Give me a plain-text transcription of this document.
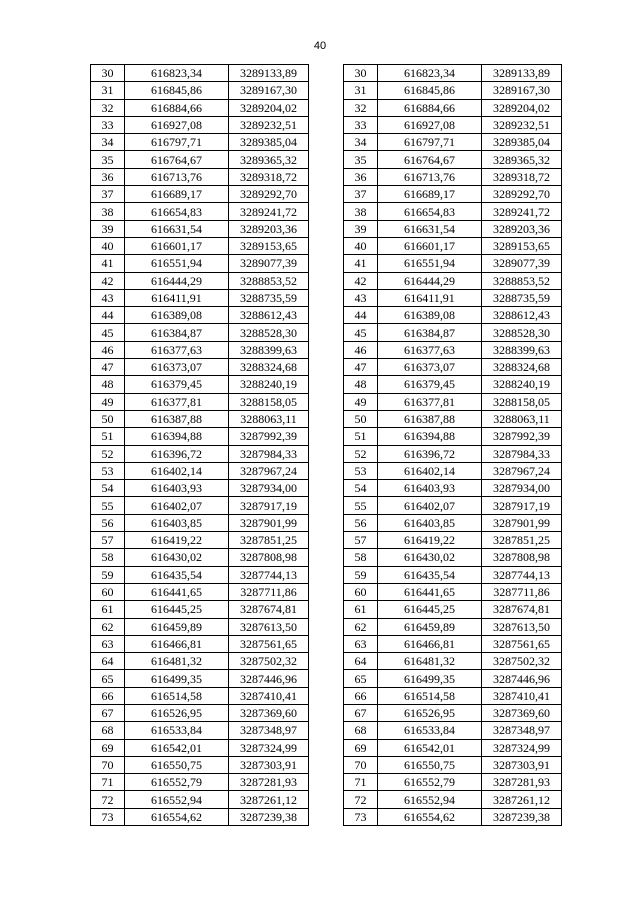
40
30	616823,34	3289133,89
31	616845,86	3289167,30
32	616884,66	3289204,02
33	616927,08	3289232,51
34	616797,71	3289385,04
35	616764,67	3289365,32
36	616713,76	3289318,72
37	616689,17	3289292,70
38	616654,83	3289241,72
39	616631,54	3289203,36
40	616601,17	3289153,65
41	616551,94	3289077,39
42	616444,29	3288853,52
43	616411,91	3288735,59
44	616389,08	3288612,43
45	616384,87	3288528,30
46	616377,63	3288399,63
47	616373,07	3288324,68
48	616379,45	3288240,19
49	616377,81	3288158,05
50	616387,88	3288063,11
51	616394,88	3287992,39
52	616396,72	3287984,33
53	616402,14	3287967,24
54	616403,93	3287934,00
55	616402,07	3287917,19
56	616403,85	3287901,99
57	616419,22	3287851,25
58	616430,02	3287808,98
59	616435,54	3287744,13
60	616441,65	3287711,86
61	616445,25	3287674,81
62	616459,89	3287613,50
63	616466,81	3287561,65
64	616481,32	3287502,32
65	616499,35	3287446,96
66	616514,58	3287410,41
67	616526,95	3287369,60
68	616533,84	3287348,97
69	616542,01	3287324,99
70	616550,75	3287303,91
71	616552,79	3287281,93
72	616552,94	3287261,12
73	616554,62	3287239,38
30	616823,34	3289133,89
31	616845,86	3289167,30
32	616884,66	3289204,02
33	616927,08	3289232,51
34	616797,71	3289385,04
35	616764,67	3289365,32
36	616713,76	3289318,72
37	616689,17	3289292,70
38	616654,83	3289241,72
39	616631,54	3289203,36
40	616601,17	3289153,65
41	616551,94	3289077,39
42	616444,29	3288853,52
43	616411,91	3288735,59
44	616389,08	3288612,43
45	616384,87	3288528,30
46	616377,63	3288399,63
47	616373,07	3288324,68
48	616379,45	3288240,19
49	616377,81	3288158,05
50	616387,88	3288063,11
51	616394,88	3287992,39
52	616396,72	3287984,33
53	616402,14	3287967,24
54	616403,93	3287934,00
55	616402,07	3287917,19
56	616403,85	3287901,99
57	616419,22	3287851,25
58	616430,02	3287808,98
59	616435,54	3287744,13
60	616441,65	3287711,86
61	616445,25	3287674,81
62	616459,89	3287613,50
63	616466,81	3287561,65
64	616481,32	3287502,32
65	616499,35	3287446,96
66	616514,58	3287410,41
67	616526,95	3287369,60
68	616533,84	3287348,97
69	616542,01	3287324,99
70	616550,75	3287303,91
71	616552,79	3287281,93
72	616552,94	3287261,12
73	616554,62	3287239,38
